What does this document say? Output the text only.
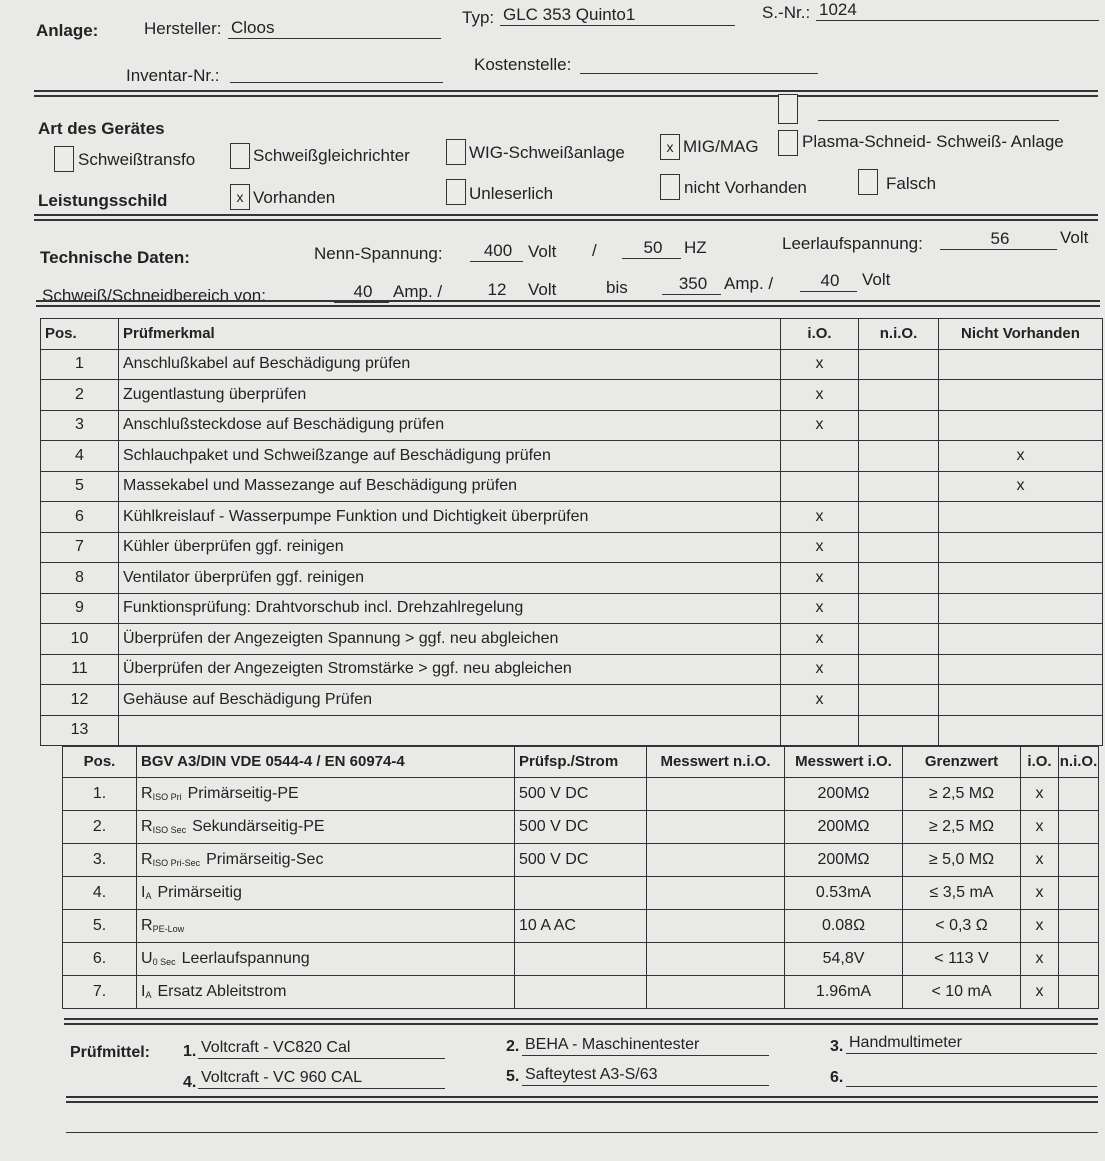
Anlage:	Hersteller: Cloos
Typ: GLC 353 Quinto1	S.-Nr.: 1024
Inventar-Nr.:
Kostenstelle:
Art des Gerätes
Schweißtransfo	Schweißgleichrichter	WIG-Schweißanlage	x MIG/MAG	Plasma-Schneid- Schweiß- Anlage
Leistungsschild	x Vorhanden	Unleserlich	nicht Vorhanden	Falsch
Technische Daten:	Nenn-Spannung:	400 Volt /	50	HZ	Leerlaufspannung:	56	Volt
Schweiß/Schneidbereich von:	40	Amp. /	12	Volt	bis	350 Amp. /	40	Volt
Pos.	Prüfmerkmal	i.O.	n.i.O.	Nicht Vorhanden
1	Anschlußkabel auf Beschädigung prüfen	x		
2	Zugentlastung überprüfen	x		
3	Anschlußsteckdose auf Beschädigung prüfen	x		
4	Schlauchpaket und Schweißzange auf Beschädigung prüfen			x
5	Massekabel und Massezange auf Beschädigung prüfen			x
6	Kühlkreislauf - Wasserpumpe Funktion und Dichtigkeit überprüfen	x		
7	Kühler überprüfen ggf. reinigen	x		
8	Ventilator überprüfen ggf. reinigen	x		
9	Funktionsprüfung: Drahtvorschub incl. Drehzahlregelung	x		
10	Überprüfen der Angezeigten Spannung > ggf. neu abgleichen	x		
11	Überprüfen der Angezeigten Stromstärke > ggf. neu abgleichen	x		
12	Gehäuse auf Beschädigung Prüfen	x		
13				
Pos.	BGV A3/DIN VDE 0544-4 / EN 60974-4	Prüfsp./Strom	Messwert n.i.O.	Messwert i.O.	Grenzwert	i.O.	n.i.O.
1.	$R_{ISO Pri}$ Primärseitig-PE	500 V DC		200MΩ	≥ 2,5 MΩ	x	
2.	$R_{ISO Sec}$ Sekundärseitig-PE	500 V DC		200MΩ	≥ 2,5 MΩ	x	
3.	$R_{ISO Pri-Sec}$ Primärseitig-Sec	500 V DC		200MΩ	≥ 5,0 MΩ	x	
4.	$I_A$ Primärseitig			0.53mA	≤ 3,5 mA	x	
5.	$R_{PE-Low}$	10 A AC		0.08Ω	< 0,3 Ω	x	
6.	$U_{0 Sec}$ Leerlaufspannung			54,8V	< 113 V	x	
7.	$I_A$ Ersatz Ableitstrom			1.96mA	< 10 mA	x	
Prüfmittel: 1. Voltcraft - VC820 Cal	2. BEHA - Maschinentester	3. Handmultimeter
4. Voltcraft - VC 960 CAL	5. Safteytest A3-S/63	6.
